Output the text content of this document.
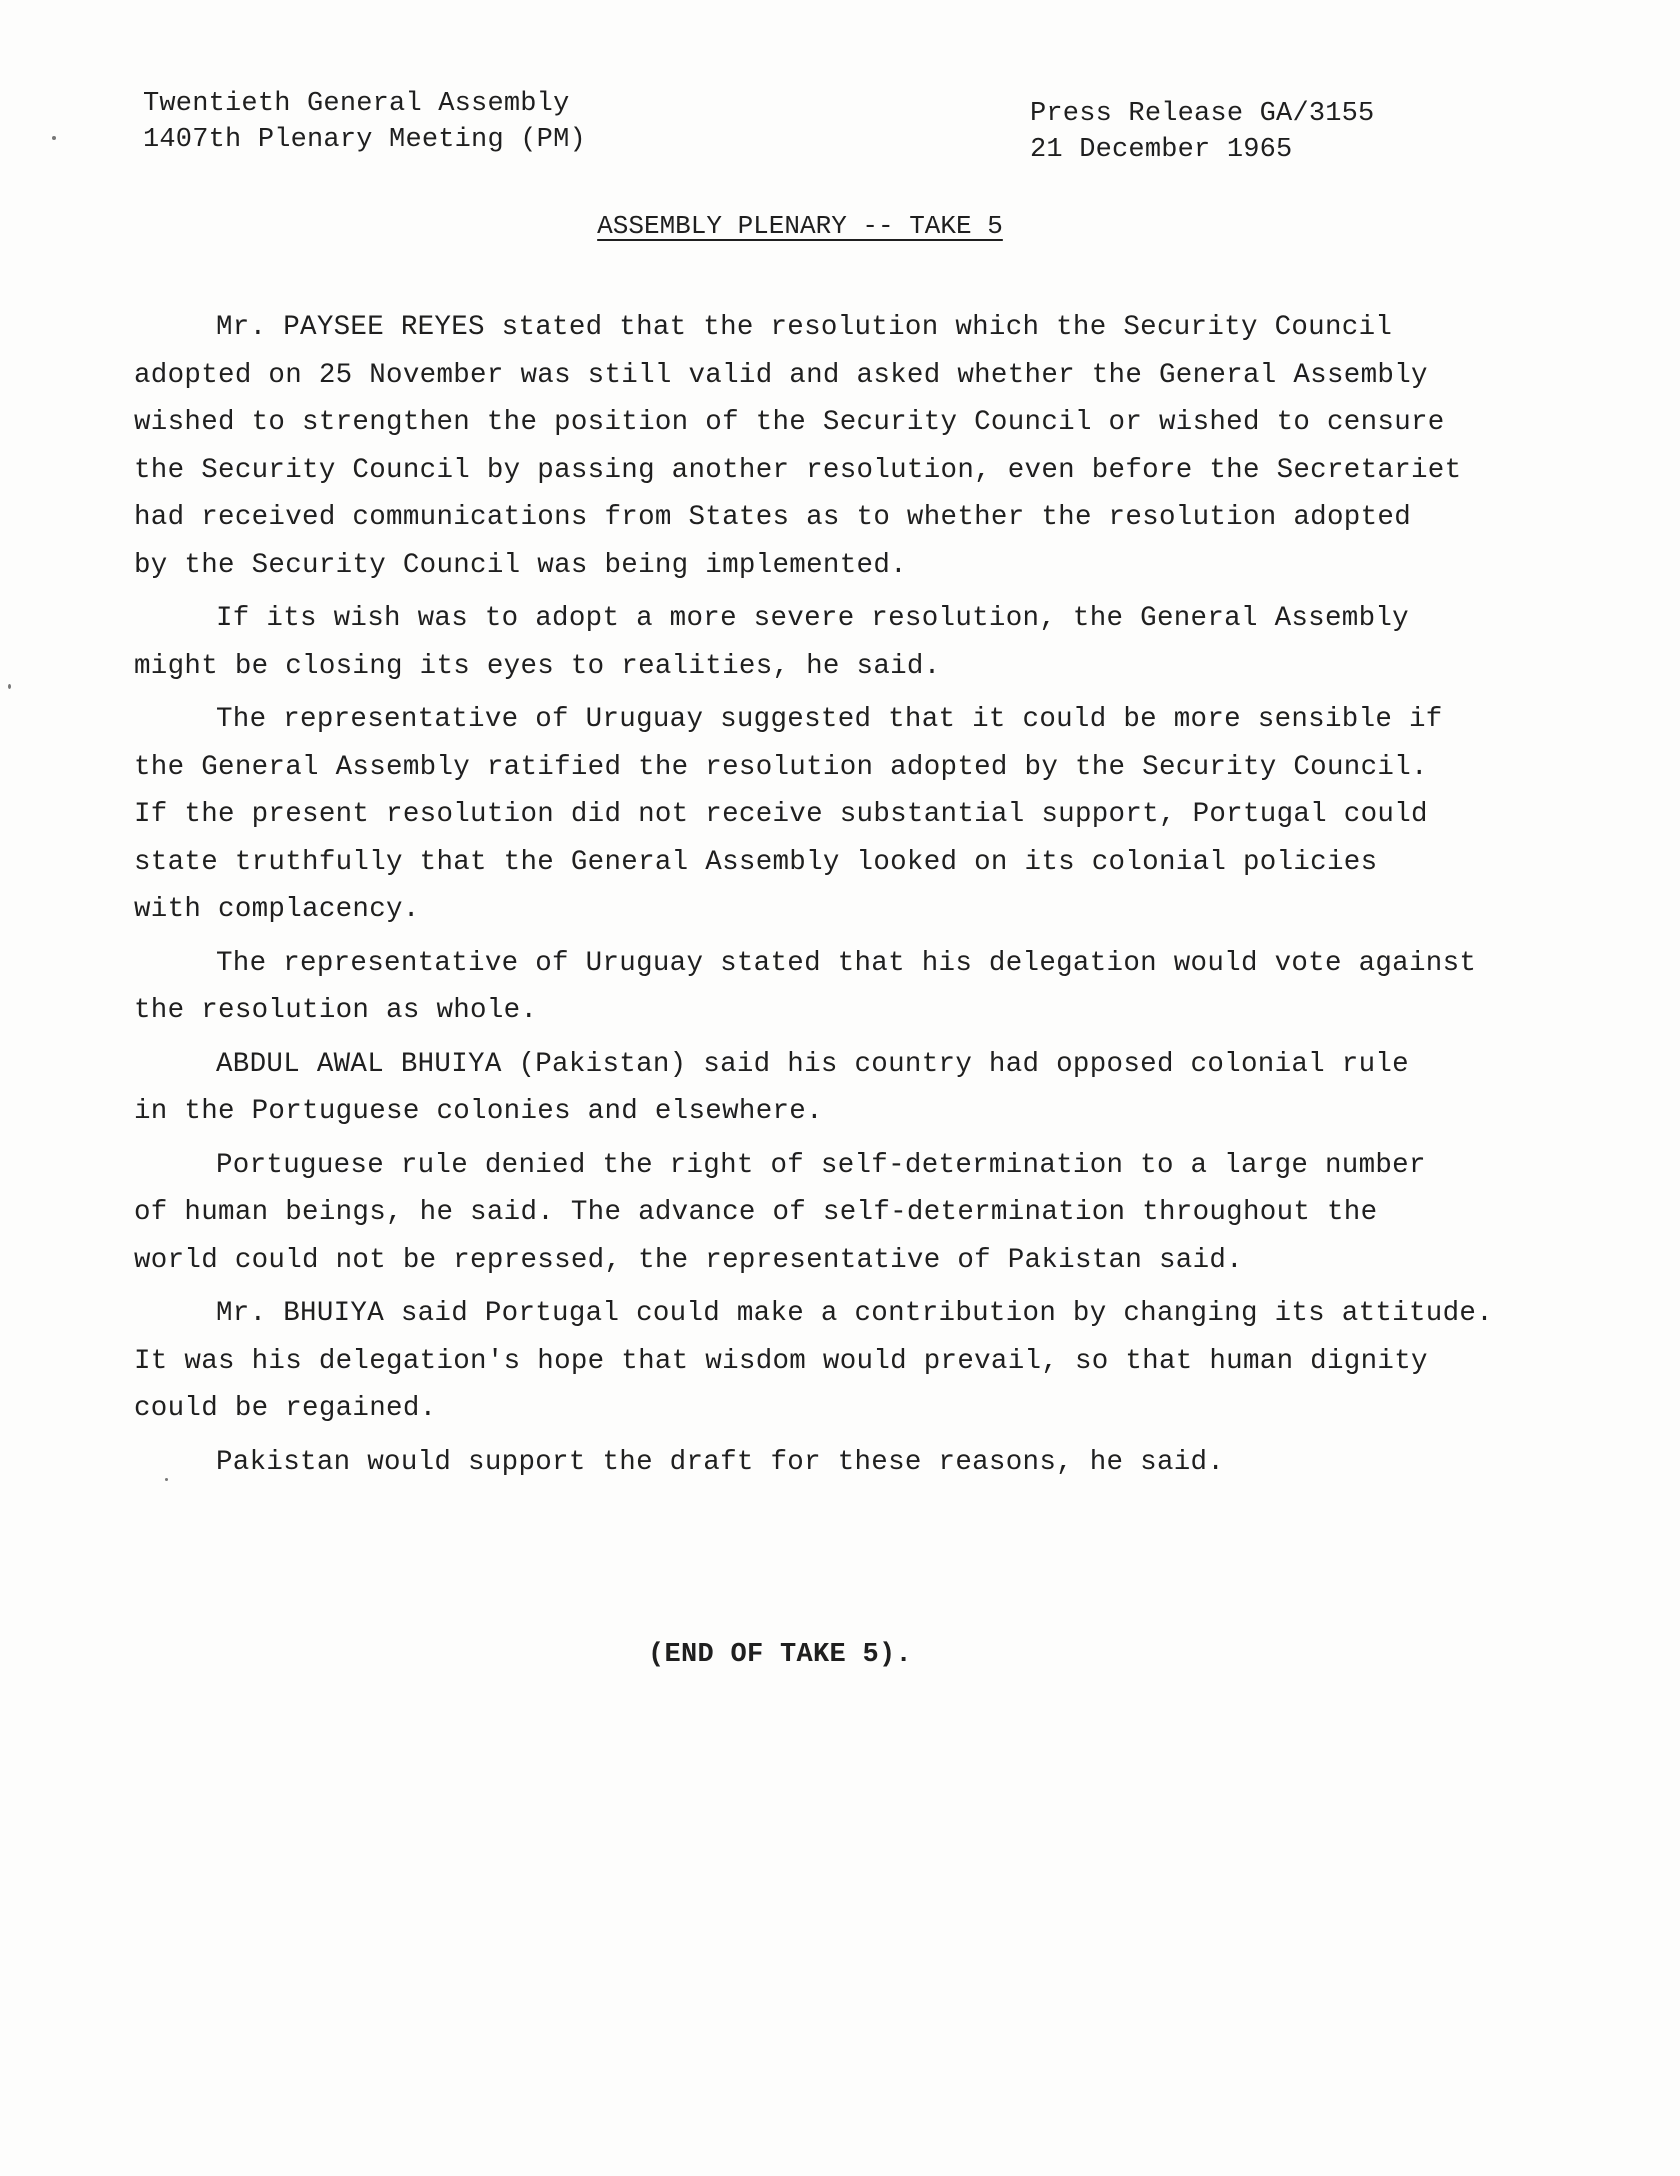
Twentieth General Assembly
1407th Plenary Meeting (PM)
Press Release GA/3155
21 December 1965
ASSEMBLY PLENARY -- TAKE 5
Mr. PAYSEE REYES stated that the resolution which the Security Council
adopted on 25 November was still valid and asked whether the General Assembly
wished to strengthen the position of the Security Council or wished to censure
the Security Council by passing another resolution, even before the Secretariet
had received communications from States as to whether the resolution adopted
by the Security Council was being implemented.
If its wish was to adopt a more severe resolution, the General Assembly
might be closing its eyes to realities, he said.
The representative of Uruguay suggested that it could be more sensible if
the General Assembly ratified the resolution adopted by the Security Council.
If the present resolution did not receive substantial support, Portugal could
state truthfully that the General Assembly looked on its colonial policies
with complacency.
The representative of Uruguay stated that his delegation would vote against
the resolution as whole.
ABDUL AWAL BHUIYA (Pakistan) said his country had opposed colonial rule
in the Portuguese colonies and elsewhere.
Portuguese rule denied the right of self-determination to a large number
of human beings, he said. The advance of self-determination throughout the
world could not be repressed, the representative of Pakistan said.
Mr. BHUIYA said Portugal could make a contribution by changing its attitude.
It was his delegation's hope that wisdom would prevail, so that human dignity
could be regained.
Pakistan would support the draft for these reasons, he said.
(END OF TAKE 5).
